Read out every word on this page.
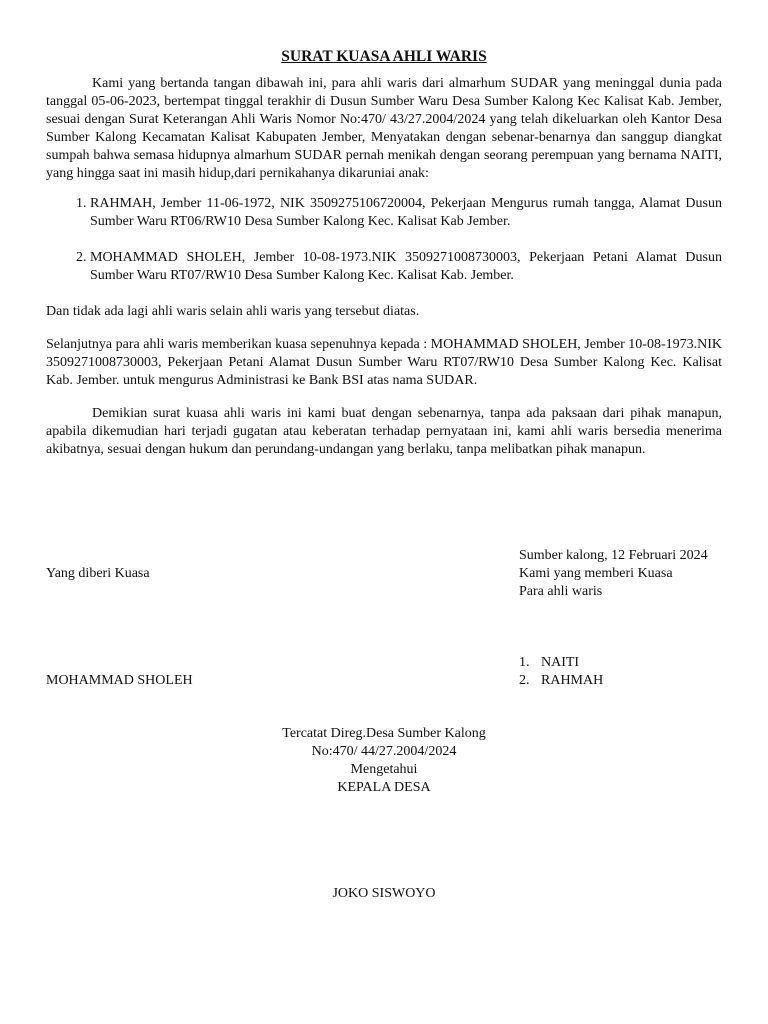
SURAT KUASA AHLI WARIS

Kami yang bertanda tangan dibawah ini, para ahli waris dari almarhum SUDAR yang meninggal dunia pada tanggal 05-06-2023, bertempat tinggal terakhir di Dusun Sumber Waru Desa Sumber Kalong Kec Kalisat Kab. Jember, sesuai dengan Surat Keterangan Ahli Waris Nomor No:470/ 43/27.2004/2024 yang telah dikeluarkan oleh Kantor Desa Sumber Kalong Kecamatan Kalisat Kabupaten Jember, Menyatakan dengan sebenar-benarnya dan sanggup diangkat sumpah bahwa semasa hidupnya almarhum SUDAR pernah menikah dengan seorang perempuan yang bernama NAITI, yang hingga saat ini masih hidup,dari pernikahanya dikaruniai anak:

1. RAHMAH, Jember 11-06-1972, NIK 3509275106720004, Pekerjaan Mengurus rumah tangga, Alamat Dusun Sumber Waru RT06/RW10 Desa Sumber Kalong Kec. Kalisat Kab Jember.
2. MOHAMMAD SHOLEH, Jember 10-08-1973.NIK 3509271008730003, Pekerjaan Petani Alamat Dusun Sumber Waru RT07/RW10 Desa Sumber Kalong Kec. Kalisat Kab. Jember.

Dan tidak ada lagi ahli waris selain ahli waris yang tersebut diatas.

Selanjutnya para ahli waris memberikan kuasa sepenuhnya kepada : MOHAMMAD SHOLEH, Jember 10-08-1973.NIK 3509271008730003, Pekerjaan Petani Alamat Dusun Sumber Waru RT07/RW10 Desa Sumber Kalong Kec. Kalisat Kab. Jember. untuk mengurus Administrasi ke Bank BSI atas nama SUDAR.

Demikian surat kuasa ahli waris ini kami buat dengan sebenarnya, tanpa ada paksaan dari pihak manapun, apabila dikemudian hari terjadi gugatan atau keberatan terhadap pernyataan ini, kami ahli waris bersedia menerima akibatnya, sesuai dengan hukum dan perundang-undangan yang berlaku, tanpa melibatkan pihak manapun.

Sumber kalong, 12 Februari 2024
Kami yang memberi Kuasa
Para ahli waris
Yang diberi Kuasa
1. NAITI
2. RAHMAH
MOHAMMAD SHOLEH
Tercatat Direg.Desa Sumber Kalong
No:470/ 44/27.2004/2024
Mengetahui
KEPALA DESA
JOKO SISWOYO
